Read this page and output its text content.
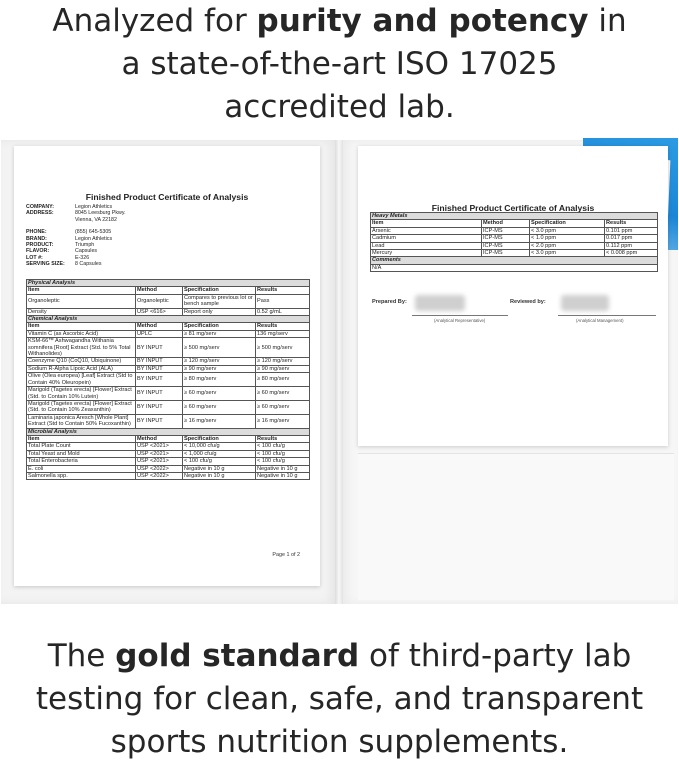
Analyzed for purity and potency in
a state-of-the-art ISO 17025
accredited lab.
Finished Product Certificate of Analysis
COMPANY:	Legion Athletics
ADDRESS:	8045 Leesburg Pkwy.
Vienna, VA 22182
PHONE:	(855) 645-5305
BRAND:	Legion Athletics
PRODUCT:	Triumph
FLAVOR:	Capsules
LOT #:	E-326
SERVING SIZE:	8 Capsules
Physical Analysis			
Item	Method	Specification	Results
Organoleptic	Organoleptic	Compares to previous lot or bench sample	Pass
Density	USP <616>	Report only	0.52 g/mL
Chemical Analysis			
Item	Method	Specification	Results
Vitamin C (as Ascorbic Acid)	UPLC	≥ 81 mg/serv	136 mg/serv
KSM-66™ Ashwagandha Withania somnifera [Root] Extract (Std. to 5% Total Withanolides)	BY INPUT	≥ 500 mg/serv	≥ 500 mg/serv
Coenzyme Q10 (CoQ10, Ubiquinone)	BY INPUT	≥ 120 mg/serv	≥ 120 mg/serv
Sodium R-Alpha Lipoic Acid (ALA)	BY INPUT	≥ 90 mg/serv	≥ 90 mg/serv
Olive (Olea europea) [Leaf] Extract (Std to Contain 40% Oleuropein)	BY INPUT	≥ 80 mg/serv	≥ 80 mg/serv
Marigold (Tagetes erecta) [Flower] Extract (Std. to Contain 10% Lutein)	BY INPUT	≥ 60 mg/serv	≥ 60 mg/serv
Marigold (Tagetes erecta) [Flower] Extract (Std. to Contain 10% Zeaxanthin)	BY INPUT	≥ 60 mg/serv	≥ 60 mg/serv
Laminaria japonica Aresch [Whole Plant] Extract (Std to Contain 50% Fucoxanthin)	BY INPUT	≥ 16 mg/serv	≥ 16 mg/serv
Microbial Analysis			
Item	Method	Specification	Results
Total Plate Count	USP <2021>	< 10,000 cfu/g	< 100 cfu/g
Total Yeast and Mold	USP <2021>	< 1,000 cfu/g	< 100 cfu/g
Total Enterobacteria	USP <2021>	< 100 cfu/g	< 100 cfu/g
E. coli	USP <2022>	Negative in 10 g	Negative in 10 g
Salmonella spp.	USP <2022>	Negative in 10 g	Negative in 10 g
Page 1 of 2
Finished Product Certificate of Analysis
Heavy Metals			
Item	Method	Specification	Results
Arsenic	ICP-MS	< 3.0 ppm	0.101 ppm
Cadmium	ICP-MS	< 1.0 ppm	0.017 ppm
Lead	ICP-MS	< 2.0 ppm	0.112 ppm
Mercury	ICP-MS	< 3.0 ppm	< 0.008 ppm
Comments			
N/A			
Prepared By:
(Analytical Representative)
Reviewed by:
(Analytical Management)
The gold standard of third-party lab
testing for clean, safe, and transparent
sports nutrition supplements.
